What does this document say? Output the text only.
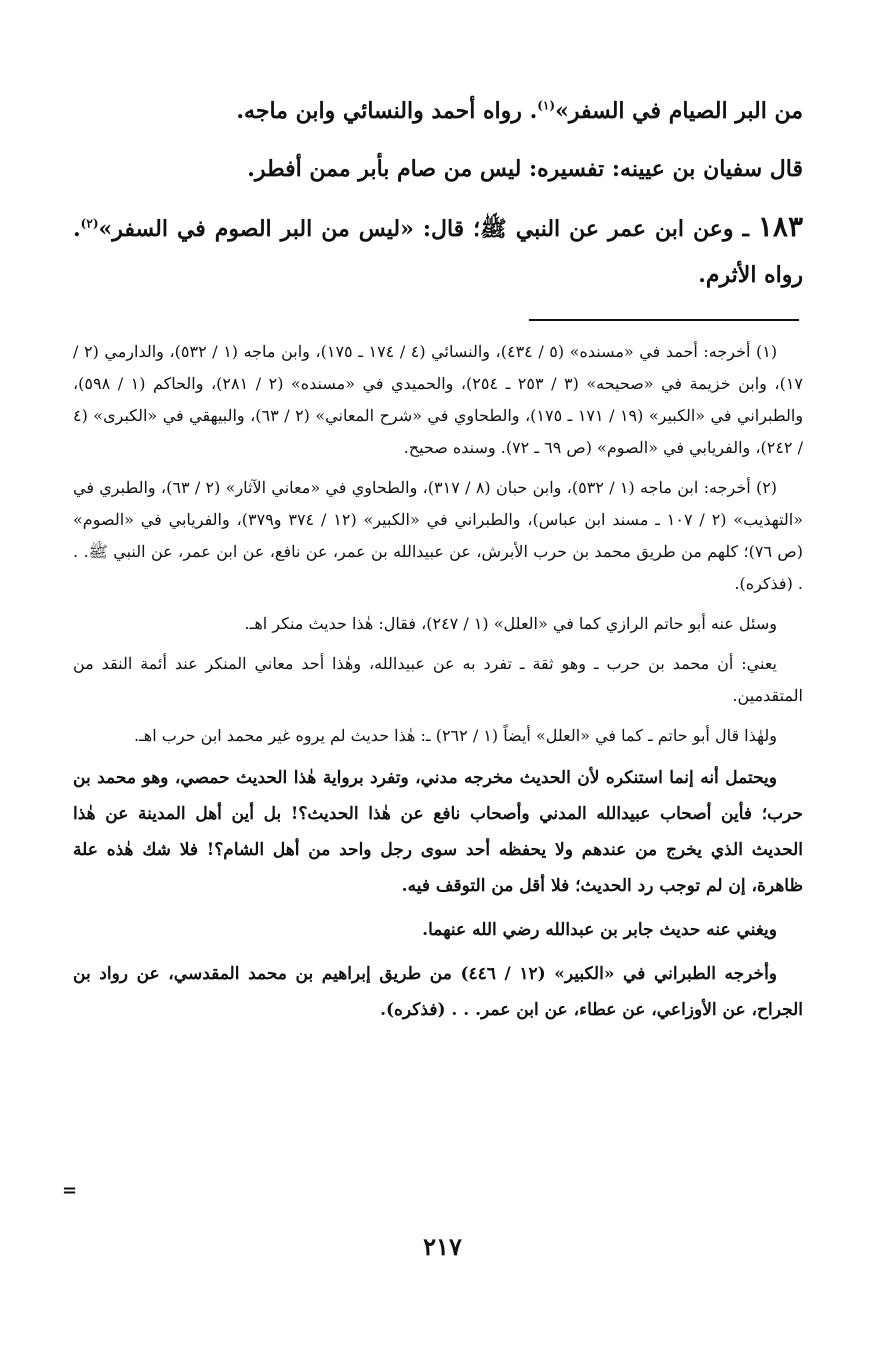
من البر الصيام في السفر»$^{(١)}$. رواه أحمد والنسائي وابن ماجه.

قال سفيان بن عيينه: تفسيره: ليس من صام بأبر ممن أفطر.

١٨٣ ـ وعن ابن عمر عن النبي ﷺ؛ قال: «ليس من البر الصوم في السفر»$^{(٢)}$. رواه الأثرم.

(١) أخرجه: أحمد في «مسنده» (٥ / ٤٣٤)، والنسائي (٤ / ١٧٤ ـ ١٧٥)، وابن ماجه (١ / ٥٣٢)، والدارمي (٢ / ١٧)، وابن خزيمة في «صحيحه» (٣ / ٢٥٣ ـ ٢٥٤)، والحميدي في «مسنده» (٢ / ٢٨١)، والحاكم (١ / ٥٩٨)، والطبراني في «الكبير» (١٩ / ١٧١ ـ ١٧٥)، والطحاوي في «شرح المعاني» (٢ / ٦٣)، والبيهقي في «الكبرى» (٤ / ٢٤٢)، والفريابي في «الصوم» (ص ٦٩ ـ ٧٢). وسنده صحيح.

(٢) أخرجه: ابن ماجه (١ / ٥٣٢)، وابن حبان (٨ / ٣١٧)، والطحاوي في «معاني الآثار» (٢ / ٦٣)، والطبري في «التهذيب» (٢ / ١٠٧ ـ مسند ابن عباس)، والطبراني في «الكبير» (١٢ / ٣٧٤ و٣٧٩)، والفريابي في «الصوم» (ص ٧٦)؛ كلهم من طريق محمد بن حرب الأبرش، عن عبيدالله بن عمر، عن نافع، عن ابن عمر، عن النبي ﷺ. . . (فذكره).

وسئل عنه أبو حاتم الرازي كما في «العلل» (١ / ٢٤٧)، فقال: هٰذا حديث منكر اهـ.

يعني: أن محمد بن حرب ـ وهو ثقة ـ تفرد به عن عبيدالله، وهٰذا أحد معاني المنكر عند أئمة النقد من المتقدمين.

ولهٰذا قال أبو حاتم ـ كما في «العلل» أيضاً (١ / ٢٦٢) ـ: هٰذا حديث لم يروه غير محمد ابن حرب اهـ.

ويحتمل أنه إنما استنكره لأن الحديث مخرجه مدني، وتفرد برواية هٰذا الحديث حمصي، وهو محمد بن حرب؛ فأين أصحاب عبيدالله المدني وأصحاب نافع عن هٰذا الحديث؟! بل أين أهل المدينة عن هٰذا الحديث الذي يخرج من عندهم ولا يحفظه أحد سوى رجل واحد من أهل الشام؟! فلا شك هٰذه علة ظاهرة، إن لم توجب رد الحديث؛ فلا أقل من التوقف فيه.

ويغني عنه حديث جابر بن عبدالله رضي الله عنهما.

وأخرجه الطبراني في «الكبير» (١٢ / ٤٤٦) من طريق إبراهيم بن محمد المقدسي، عن رواد بن الجراح، عن الأوزاعي، عن عطاء، عن ابن عمر. . . (فذكره).

=
٢١٧
